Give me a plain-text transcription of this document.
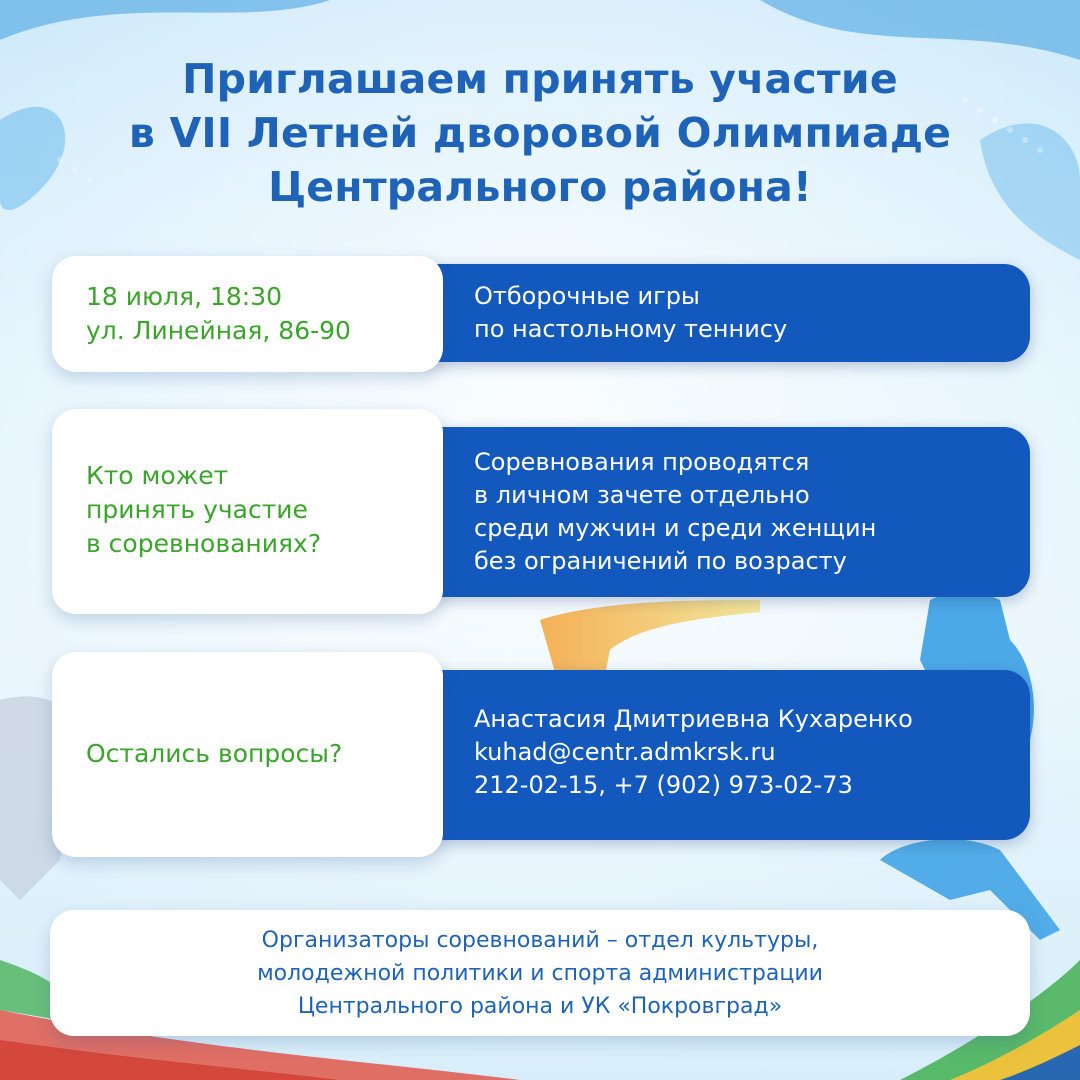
Приглашаем принять участие
в VII Летней дворовой Олимпиаде
Центрального района!
Отборочные игры
по настольному теннису
18 июля, 18:30
ул. Линейная, 86-90
Соревнования проводятся
в личном зачете отдельно
среди мужчин и среди женщин
без ограничений по возрасту
Кто может
принять участие
в соревнованиях?
Анастасия Дмитриевна Кухаренко
kuhad@centr.admkrsk.ru
212-02-15, +7 (902) 973-02-73
Остались вопросы?
Организаторы соревнований – отдел культуры,
молодежной политики и спорта администрации
Центрального района и УК «Покровград»
